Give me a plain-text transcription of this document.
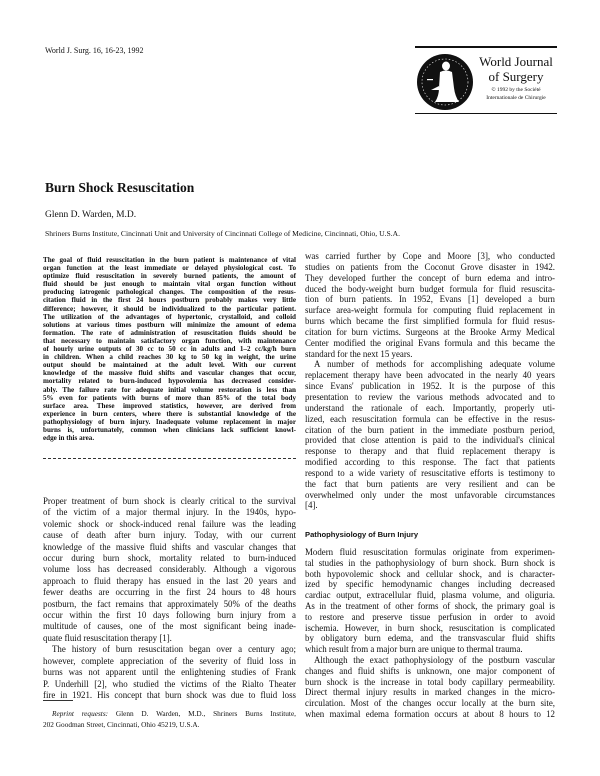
World J. Surg. 16, 16-23, 1992
World Journal
of Surgery
© 1992 by the Société
Internationale de Chirurgie
Burn Shock Resuscitation
Glenn D. Warden, M.D.
Shriners Burns Institute, Cincinnati Unit and University of Cincinnati College of Medicine, Cincinnati, Ohio, U.S.A.
The goal of fluid resuscitation in the burn patient is maintenance of vital
organ function at the least immediate or delayed physiological cost. To
optimize fluid resuscitation in severely burned patients, the amount of
fluid should be just enough to maintain vital organ function without
producing iatrogenic pathological changes. The composition of the resus-
citation fluid in the first 24 hours postburn probably makes very little
difference; however, it should be individualized to the particular patient.
The utilization of the advantages of hypertonic, crystalloid, and colloid
solutions at various times postburn will minimize the amount of edema
formation. The rate of administration of resuscitation fluids should be
that necessary to maintain satisfactory organ function, with maintenance
of hourly urine outputs of 30 cc to 50 cc in adults and 1–2 cc/kg/h burn
in children. When a child reaches 30 kg to 50 kg in weight, the urine
output should be maintained at the adult level. With our current
knowledge of the massive fluid shifts and vascular changes that occur,
mortality related to burn-induced hypovolemia has decreased consider-
ably. The failure rate for adequate initial volume restoration is less than
5% even for patients with burns of more than 85% of the total body
surface area. These improved statistics, however, are derived from
experience in burn centers, where there is substantial knowledge of the
pathophysiology of burn injury. Inadequate volume replacement in major
burns is, unfortunately, common when clinicians lack sufficient knowl-
edge in this area.
Proper treatment of burn shock is clearly critical to the survival
of the victim of a major thermal injury. In the 1940s, hypo-
volemic shock or shock-induced renal failure was the leading
cause of death after burn injury. Today, with our current
knowledge of the massive fluid shifts and vascular changes that
occur during burn shock, mortality related to burn-induced
volume loss has decreased considerably. Although a vigorous
approach to fluid therapy has ensued in the last 20 years and
fewer deaths are occurring in the first 24 hours to 48 hours
postburn, the fact remains that approximately 50% of the deaths
occur within the first 10 days following burn injury from a
multitude of causes, one of the most significant being inade-
quate fluid resuscitation therapy [1].
The history of burn resuscitation began over a century ago;
however, complete appreciation of the severity of fluid loss in
burns was not apparent until the enlightening studies of Frank
P. Underhill [2], who studied the victims of the Rialto Theater
fire in 1921. His concept that burn shock was due to fluid loss
Reprint requests: Glenn D. Warden, M.D., Shriners Burns Institute,
202 Goodman Street, Cincinnati, Ohio 45219, U.S.A.
was carried further by Cope and Moore [3], who conducted
studies on patients from the Coconut Grove disaster in 1942.
They developed further the concept of burn edema and intro-
duced the body-weight burn budget formula for fluid resuscita-
tion of burn patients. In 1952, Evans [1] developed a burn
surface area-weight formula for computing fluid replacement in
burns which became the first simplified formula for fluid resus-
citation for burn victims. Surgeons at the Brooke Army Medical
Center modified the original Evans formula and this became the
standard for the next 15 years.
A number of methods for accomplishing adequate volume
replacement therapy have been advocated in the nearly 40 years
since Evans' publication in 1952. It is the purpose of this
presentation to review the various methods advocated and to
understand the rationale of each. Importantly, properly uti-
lized, each resuscitation formula can be effective in the resus-
citation of the burn patient in the immediate postburn period,
provided that close attention is paid to the individual's clinical
response to therapy and that fluid replacement therapy is
modified according to this response. The fact that patients
respond to a wide variety of resuscitative efforts is testimony to
the fact that burn patients are very resilient and can be
overwhelmed only under the most unfavorable circumstances
[4].
Pathophysiology of Burn Injury
Modern fluid resuscitation formulas originate from experimen-
tal studies in the pathophysiology of burn shock. Burn shock is
both hypovolemic shock and cellular shock, and is character-
ized by specific hemodynamic changes including decreased
cardiac output, extracellular fluid, plasma volume, and oliguria.
As in the treatment of other forms of shock, the primary goal is
to restore and preserve tissue perfusion in order to avoid
ischemia. However, in burn shock, resuscitation is complicated
by obligatory burn edema, and the transvascular fluid shifts
which result from a major burn are unique to thermal trauma.
Although the exact pathophysiology of the postburn vascular
changes and fluid shifts is unknown, one major component of
burn shock is the increase in total body capillary permeability.
Direct thermal injury results in marked changes in the micro-
circulation. Most of the changes occur locally at the burn site,
when maximal edema formation occurs at about 8 hours to 12
